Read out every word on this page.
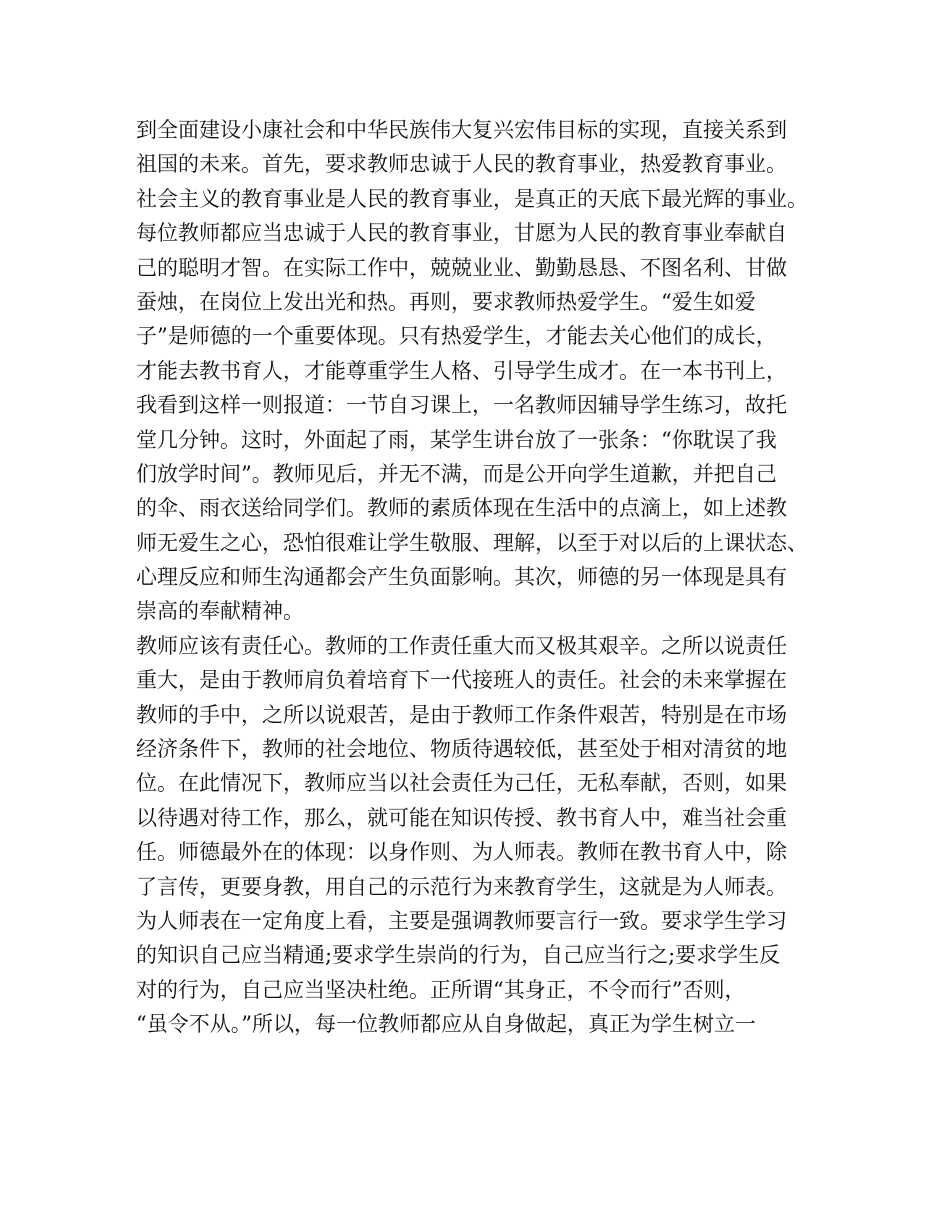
到全面建设小康社会和中华民族伟大复兴宏伟目标的实现，直接关系到
祖国的未来。首先，要求教师忠诚于人民的教育事业，热爱教育事业。
社会主义的教育事业是人民的教育事业，是真正的天底下最光辉的事业。
每位教师都应当忠诚于人民的教育事业，甘愿为人民的教育事业奉献自
己的聪明才智。在实际工作中，兢兢业业、勤勤恳恳、不图名利、甘做
蚕烛，在岗位上发出光和热。再则，要求教师热爱学生。“爱生如爱
子”是师德的一个重要体现。只有热爱学生，才能去关心他们的成长，
才能去教书育人，才能尊重学生人格、引导学生成才。在一本书刊上，
我看到这样一则报道：一节自习课上，一名教师因辅导学生练习，故托
堂几分钟。这时，外面起了雨，某学生讲台放了一张条：“你耽误了我
们放学时间”。教师见后，并无不满，而是公开向学生道歉，并把自己
的伞、雨衣送给同学们。教师的素质体现在生活中的点滴上，如上述教
师无爱生之心，恐怕很难让学生敬服、理解，以至于对以后的上课状态、
心理反应和师生沟通都会产生负面影响。其次，师德的另一体现是具有
崇高的奉献精神。
教师应该有责任心。教师的工作责任重大而又极其艰辛。之所以说责任
重大，是由于教师肩负着培育下一代接班人的责任。社会的未来掌握在
教师的手中，之所以说艰苦，是由于教师工作条件艰苦，特别是在市场
经济条件下，教师的社会地位、物质待遇较低，甚至处于相对清贫的地
位。在此情况下，教师应当以社会责任为己任，无私奉献，否则，如果
以待遇对待工作，那么，就可能在知识传授、教书育人中，难当社会重
任。师德最外在的体现：以身作则、为人师表。教师在教书育人中，除
了言传，更要身教，用自己的示范行为来教育学生，这就是为人师表。
为人师表在一定角度上看，主要是强调教师要言行一致。要求学生学习
的知识自己应当精通;要求学生崇尚的行为，自己应当行之;要求学生反
对的行为，自己应当坚决杜绝。正所谓“其身正，不令而行”否则，
“虽令不从。”所以，每一位教师都应从自身做起，真正为学生树立一
